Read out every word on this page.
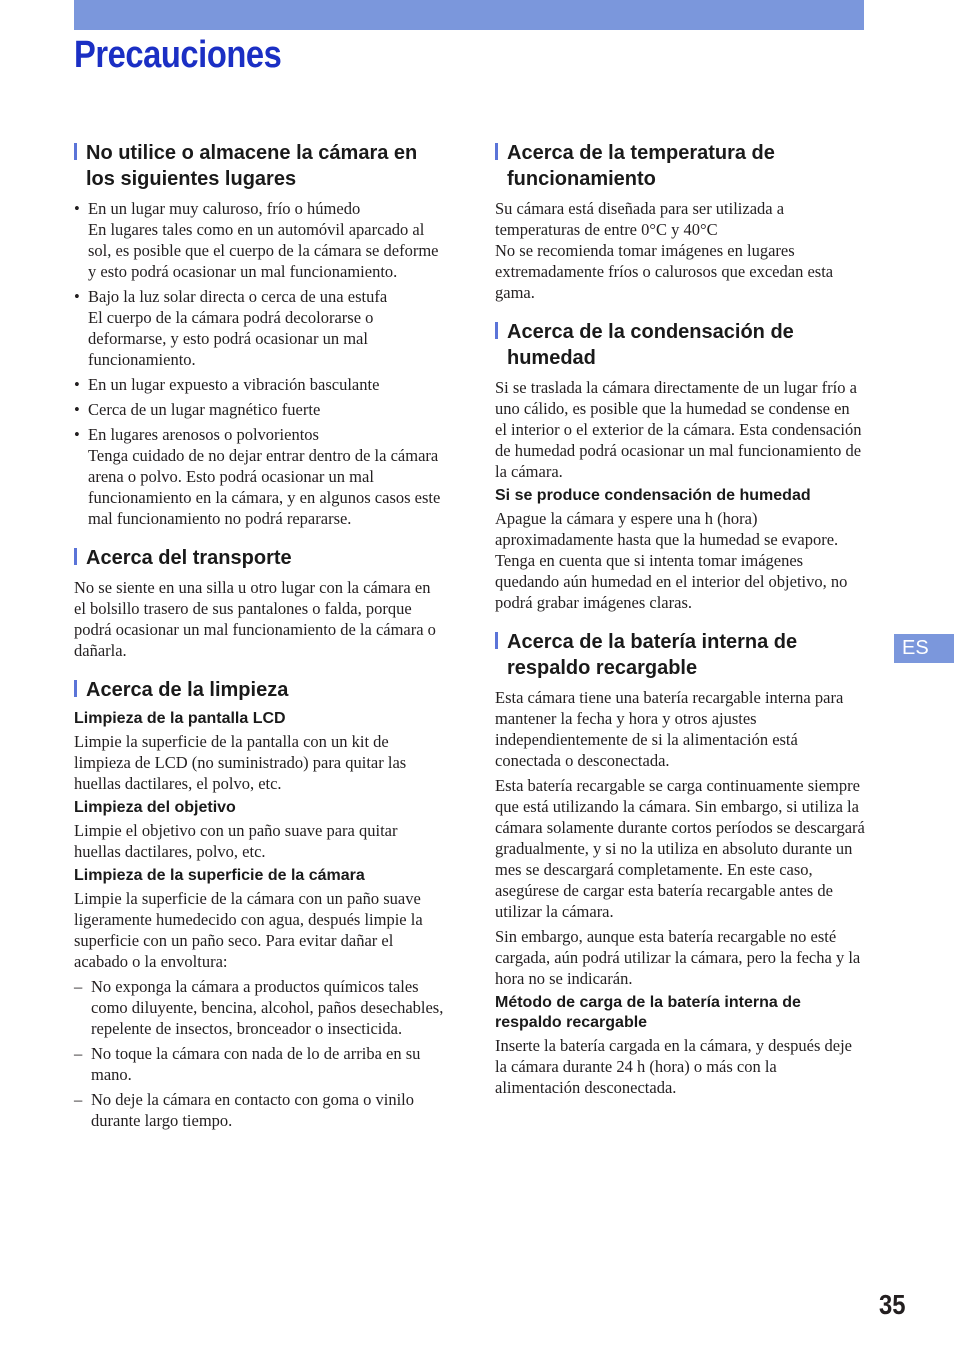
Precauciones
No utilice o almacene la cámara en los siguientes lugares
• En un lugar muy caluroso, frío o húmedo
En lugares tales como en un automóvil aparcado al sol, es posible que el cuerpo de la cámara se deforme y esto podrá ocasionar un mal funcionamiento.
• Bajo la luz solar directa o cerca de una estufa
El cuerpo de la cámara podrá decolorarse o deformarse, y esto podrá ocasionar un mal funcionamiento.
• En un lugar expuesto a vibración basculante
• Cerca de un lugar magnético fuerte
• En lugares arenosos o polvorientos
Tenga cuidado de no dejar entrar dentro de la cámara arena o polvo. Esto podrá ocasionar un mal funcionamiento en la cámara, y en algunos casos este mal funcionamiento no podrá repararse.
Acerca del transporte

No se siente en una silla u otro lugar con la cámara en el bolsillo trasero de sus pantalones o falda, porque podrá ocasionar un mal funcionamiento de la cámara o dañarla.

Acerca de la limpieza
Limpieza de la pantalla LCD

Limpie la superficie de la pantalla con un kit de limpieza de LCD (no suministrado) para quitar las huellas dactilares, el polvo, etc.

Limpieza del objetivo

Limpie el objetivo con un paño suave para quitar huellas dactilares, polvo, etc.

Limpieza de la superficie de la cámara

Limpie la superficie de la cámara con un paño suave ligeramente humedecido con agua, después limpie la superficie con un paño seco. Para evitar dañar el acabado o la envoltura:

– No exponga la cámara a productos químicos tales como diluyente, bencina, alcohol, paños desechables, repelente de insectos, bronceador o insecticida.
– No toque la cámara con nada de lo de arriba en su mano.
– No deje la cámara en contacto con goma o vinilo durante largo tiempo.
Acerca de la temperatura de funcionamiento

Su cámara está diseñada para ser utilizada a temperaturas de entre 0°C y 40°C

No se recomienda tomar imágenes en lugares extremadamente fríos o calurosos que excedan esta gama.

Acerca de la condensación de humedad

Si se traslada la cámara directamente de un lugar frío a uno cálido, es posible que la humedad se condense en el interior o el exterior de la cámara. Esta condensación de humedad podrá ocasionar un mal funcionamiento de la cámara.

Si se produce condensación de humedad

Apague la cámara y espere una h (hora) aproximadamente hasta que la humedad se evapore. Tenga en cuenta que si intenta tomar imágenes quedando aún humedad en el interior del objetivo, no podrá grabar imágenes claras.

Acerca de la batería interna de respaldo recargable

Esta cámara tiene una batería recargable interna para mantener la fecha y hora y otros ajustes independientemente de si la alimentación está conectada o desconectada.

Esta batería recargable se carga continuamente siempre que está utilizando la cámara. Sin embargo, si utiliza la cámara solamente durante cortos períodos se descargará gradualmente, y si no la utiliza en absoluto durante un mes se descargará completamente. En este caso, asegúrese de cargar esta batería recargable antes de utilizar la cámara.

Sin embargo, aunque esta batería recargable no esté cargada, aún podrá utilizar la cámara, pero la fecha y la hora no se indicarán.

Método de carga de la batería interna de respaldo recargable

Inserte la batería cargada en la cámara, y después deje la cámara durante 24 h (hora) o más con la alimentación desconectada.

ES
35
